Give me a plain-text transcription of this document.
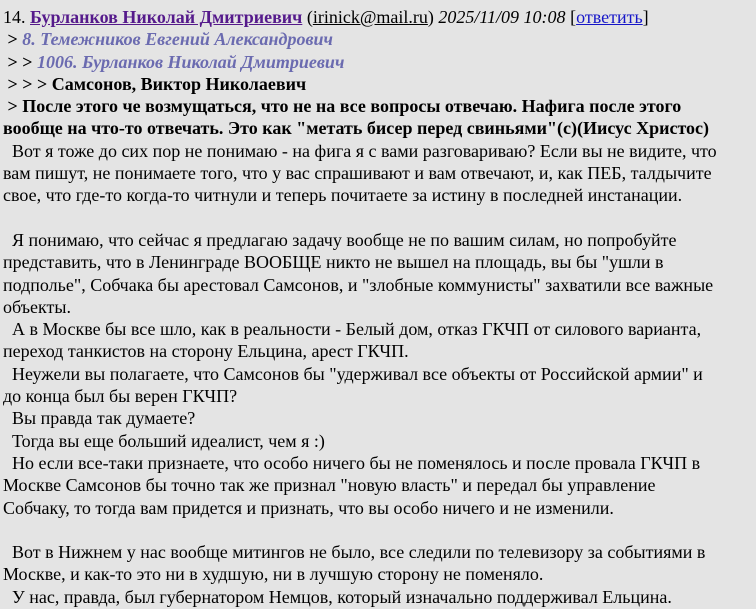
14. Бурланков Николай Дмитриевич (irinick@mail.ru) 2025/11/09 10:08 [ответить]
> 8. Темежников Евгений Александрович
> > 1006. Бурланков Николай Дмитриевич
> > > Самсонов, Виктор Николаевич
> После этого че возмущаться, что не на все вопросы отвечаю. Нафига после этого
вообще на что-то отвечать. Это как "метать бисер перед свиньями"(с)(Иисус Христос)
Вот я тоже до сих пор не понимаю - на фига я с вами разговариваю? Если вы не видите, что
вам пишут, не понимаете того, что у вас спрашивают и вам отвечают, и, как ПЕБ, талдычите
свое, что где-то когда-то читнули и теперь почитаете за истину в последней инстанации.

Я понимаю, что сейчас я предлагаю задачу вообще не по вашим силам, но попробуйте
представить, что в Ленинграде ВООБЩЕ никто не вышел на площадь, вы бы "ушли в
подполье", Собчака бы арестовал Самсонов, и "злобные коммунисты" захватили все важные
объекты.
А в Москве бы все шло, как в реальности - Белый дом, отказ ГКЧП от силового варианта,
переход танкистов на сторону Ельцина, арест ГКЧП.
Неужели вы полагаете, что Самсонов бы "удерживал все объекты от Российской армии" и
до конца был бы верен ГКЧП?
Вы правда так думаете?
Тогда вы еще больший идеалист, чем я :)
Но если все-таки признаете, что особо ничего бы не поменялось и после провала ГКЧП в
Москве Самсонов бы точно так же признал "новую власть" и передал бы управление
Собчаку, то тогда вам придется и признать, что вы особо ничего и не изменили.

Вот в Нижнем у нас вообще митингов не было, все следили по телевизору за событиями в
Москве, и как-то это ни в худшую, ни в лучшую сторону не поменяло.
У нас, правда, был губернатором Немцов, который изначально поддерживал Ельцина.
